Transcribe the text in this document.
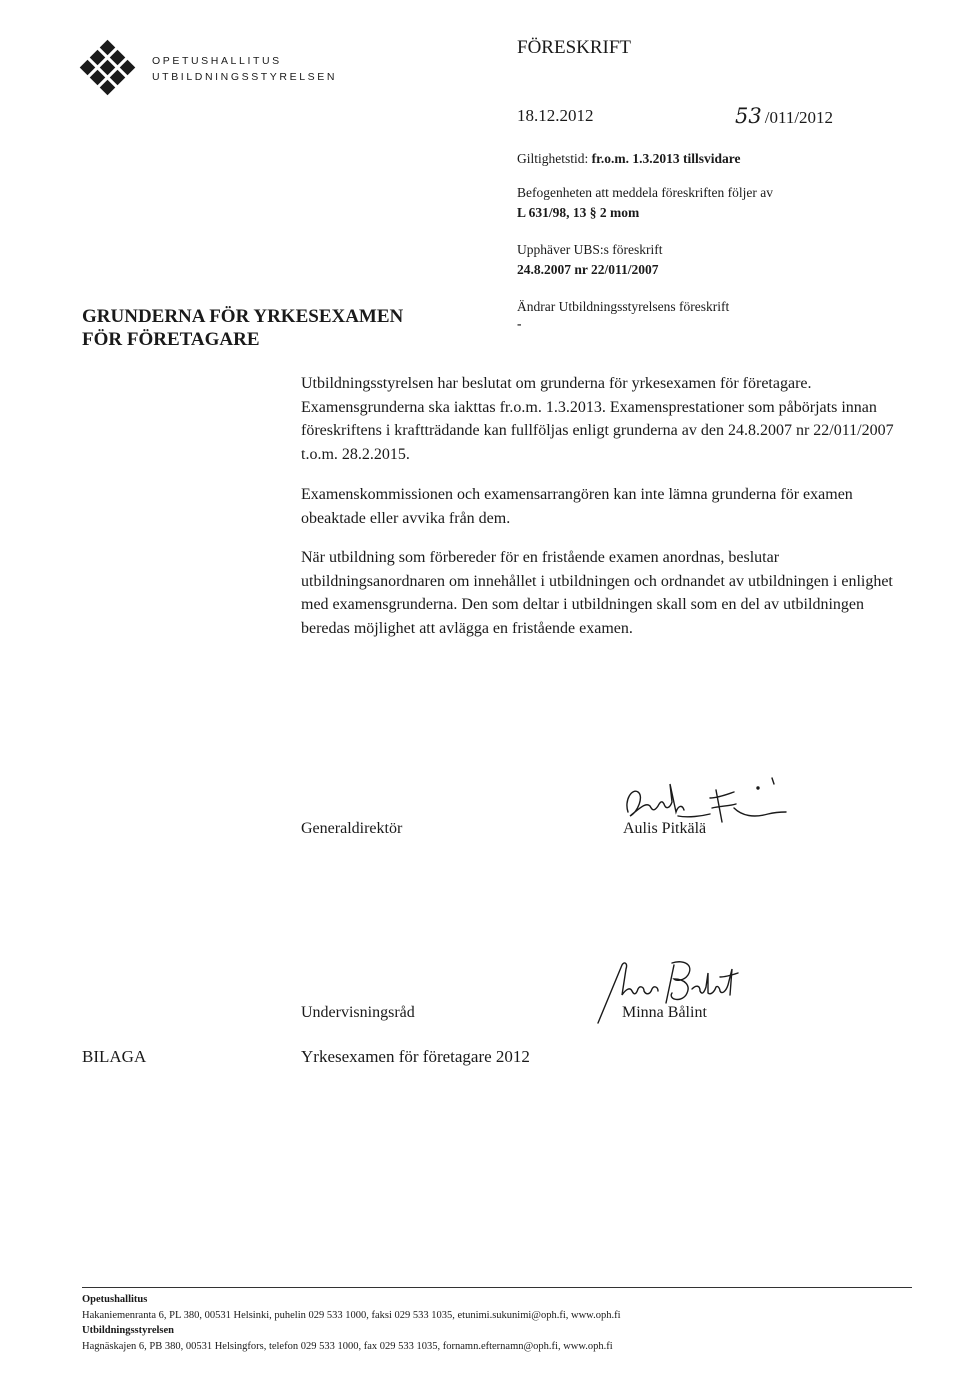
OPETUSHALLITUS
UTBILDNINGSSTYRELSEN
FÖRESKRIFT
18.12.2012	53 /011/2012
Giltighetstid: fr.o.m. 1.3.2013 tillsvidare
Befogenheten att meddela föreskriften följer av
L 631/98, 13 § 2 mom
Upphäver UBS:s föreskrift
24.8.2007 nr 22/011/2007
Ändrar Utbildningsstyrelsens föreskrift
-
GRUNDERNA FÖR YRKESEXAMEN
FÖR FÖRETAGARE

Utbildningsstyrelsen har beslutat om grunderna för yrkesexamen för företagare. Examensgrunderna ska iakttas fr.o.m. 1.3.2013. Examensprestationer som påbörjats innan föreskriftens i kraftträdande kan fullföljas enligt grunderna av den 24.8.2007 nr 22/011/2007 t.o.m. 28.2.2015.

Examenskommissionen och examensarrangören kan inte lämna grunderna för examen obeaktade eller avvika från dem.

När utbildning som förbereder för en fristående examen anordnas, beslutar utbildningsanordnaren om innehållet i utbildningen och ordnandet av utbildningen i enlighet med examensgrunderna. Den som deltar i utbildningen skall som en del av utbildningen beredas möjlighet att avlägga en fristående examen.

Generaldirektör	Aulis Pitkälä
Undervisningsråd	Minna Bålint
BILAGA	Yrkesexamen för företagare 2012
Opetushallitus
Hakaniemenranta 6, PL 380, 00531 Helsinki, puhelin 029 533 1000, faksi 029 533 1035, etunimi.sukunimi@oph.fi, www.oph.fi
Utbildningsstyrelsen
Hagnäskajen 6, PB 380, 00531 Helsingfors, telefon 029 533 1000, fax 029 533 1035, fornamn.efternamn@oph.fi, www.oph.fi
